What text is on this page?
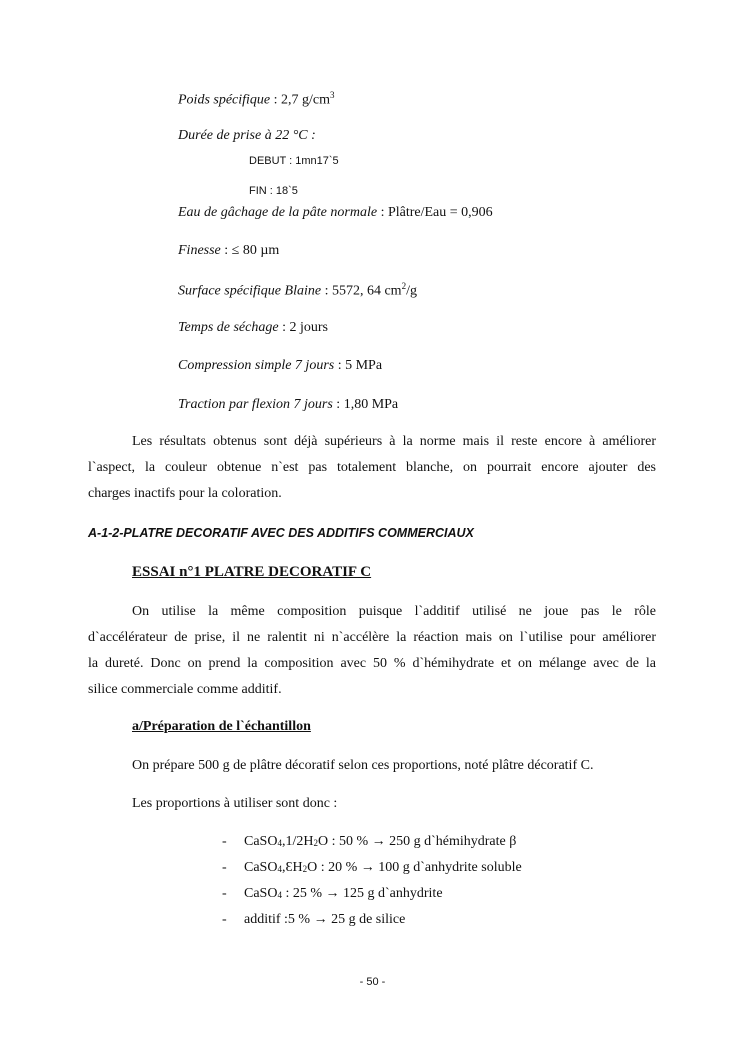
Poids spécifique : 2,7 $g/cm^3$
Durée de prise à 22 °C :
DEBUT : 1mn17`5
FIN : 18`5
Eau de gâchage de la pâte normale : Plâtre/Eau = 0,906
Finesse : ≤ 80 µm
Surface spécifique Blaine : 5572, 64 $cm^2/g$
Temps de séchage : 2 jours
Compression simple 7 jours : 5 MPa
Traction par flexion 7 jours : 1,80 MPa
Les résultats obtenus sont déjà supérieurs à la norme mais il reste encore à améliorer
l`aspect, la couleur obtenue n`est pas totalement blanche, on pourrait encore ajouter des
charges inactifs pour la coloration.
A-1-2-PLATRE DECORATIF AVEC DES ADDITIFS COMMERCIAUX
ESSAI n°1 PLATRE DECORATIF C
On utilise la même composition puisque l`additif utilisé ne joue pas le rôle
d`accélérateur de prise, il ne ralentit ni n`accélère la réaction mais on l`utilise pour améliorer
la dureté. Donc on prend la composition avec 50 % d`hémihydrate et on mélange avec de la
silice commerciale comme additif.
a/Préparation de l`échantillon
On prépare 500 g de plâtre décoratif selon ces proportions, noté plâtre décoratif C.
Les proportions à utiliser sont donc :
- $CaSO_4,1/2H_2O$ : 50 % → 250 g d`hémihydrate β
- $CaSO_4,ƐH_2O$ : 20 % → 100 g d`anhydrite soluble
- CaSO$_4$ : 25 % → 125 g d`anhydrite
- additif :5 % → 25 g de silice
- 50 -
